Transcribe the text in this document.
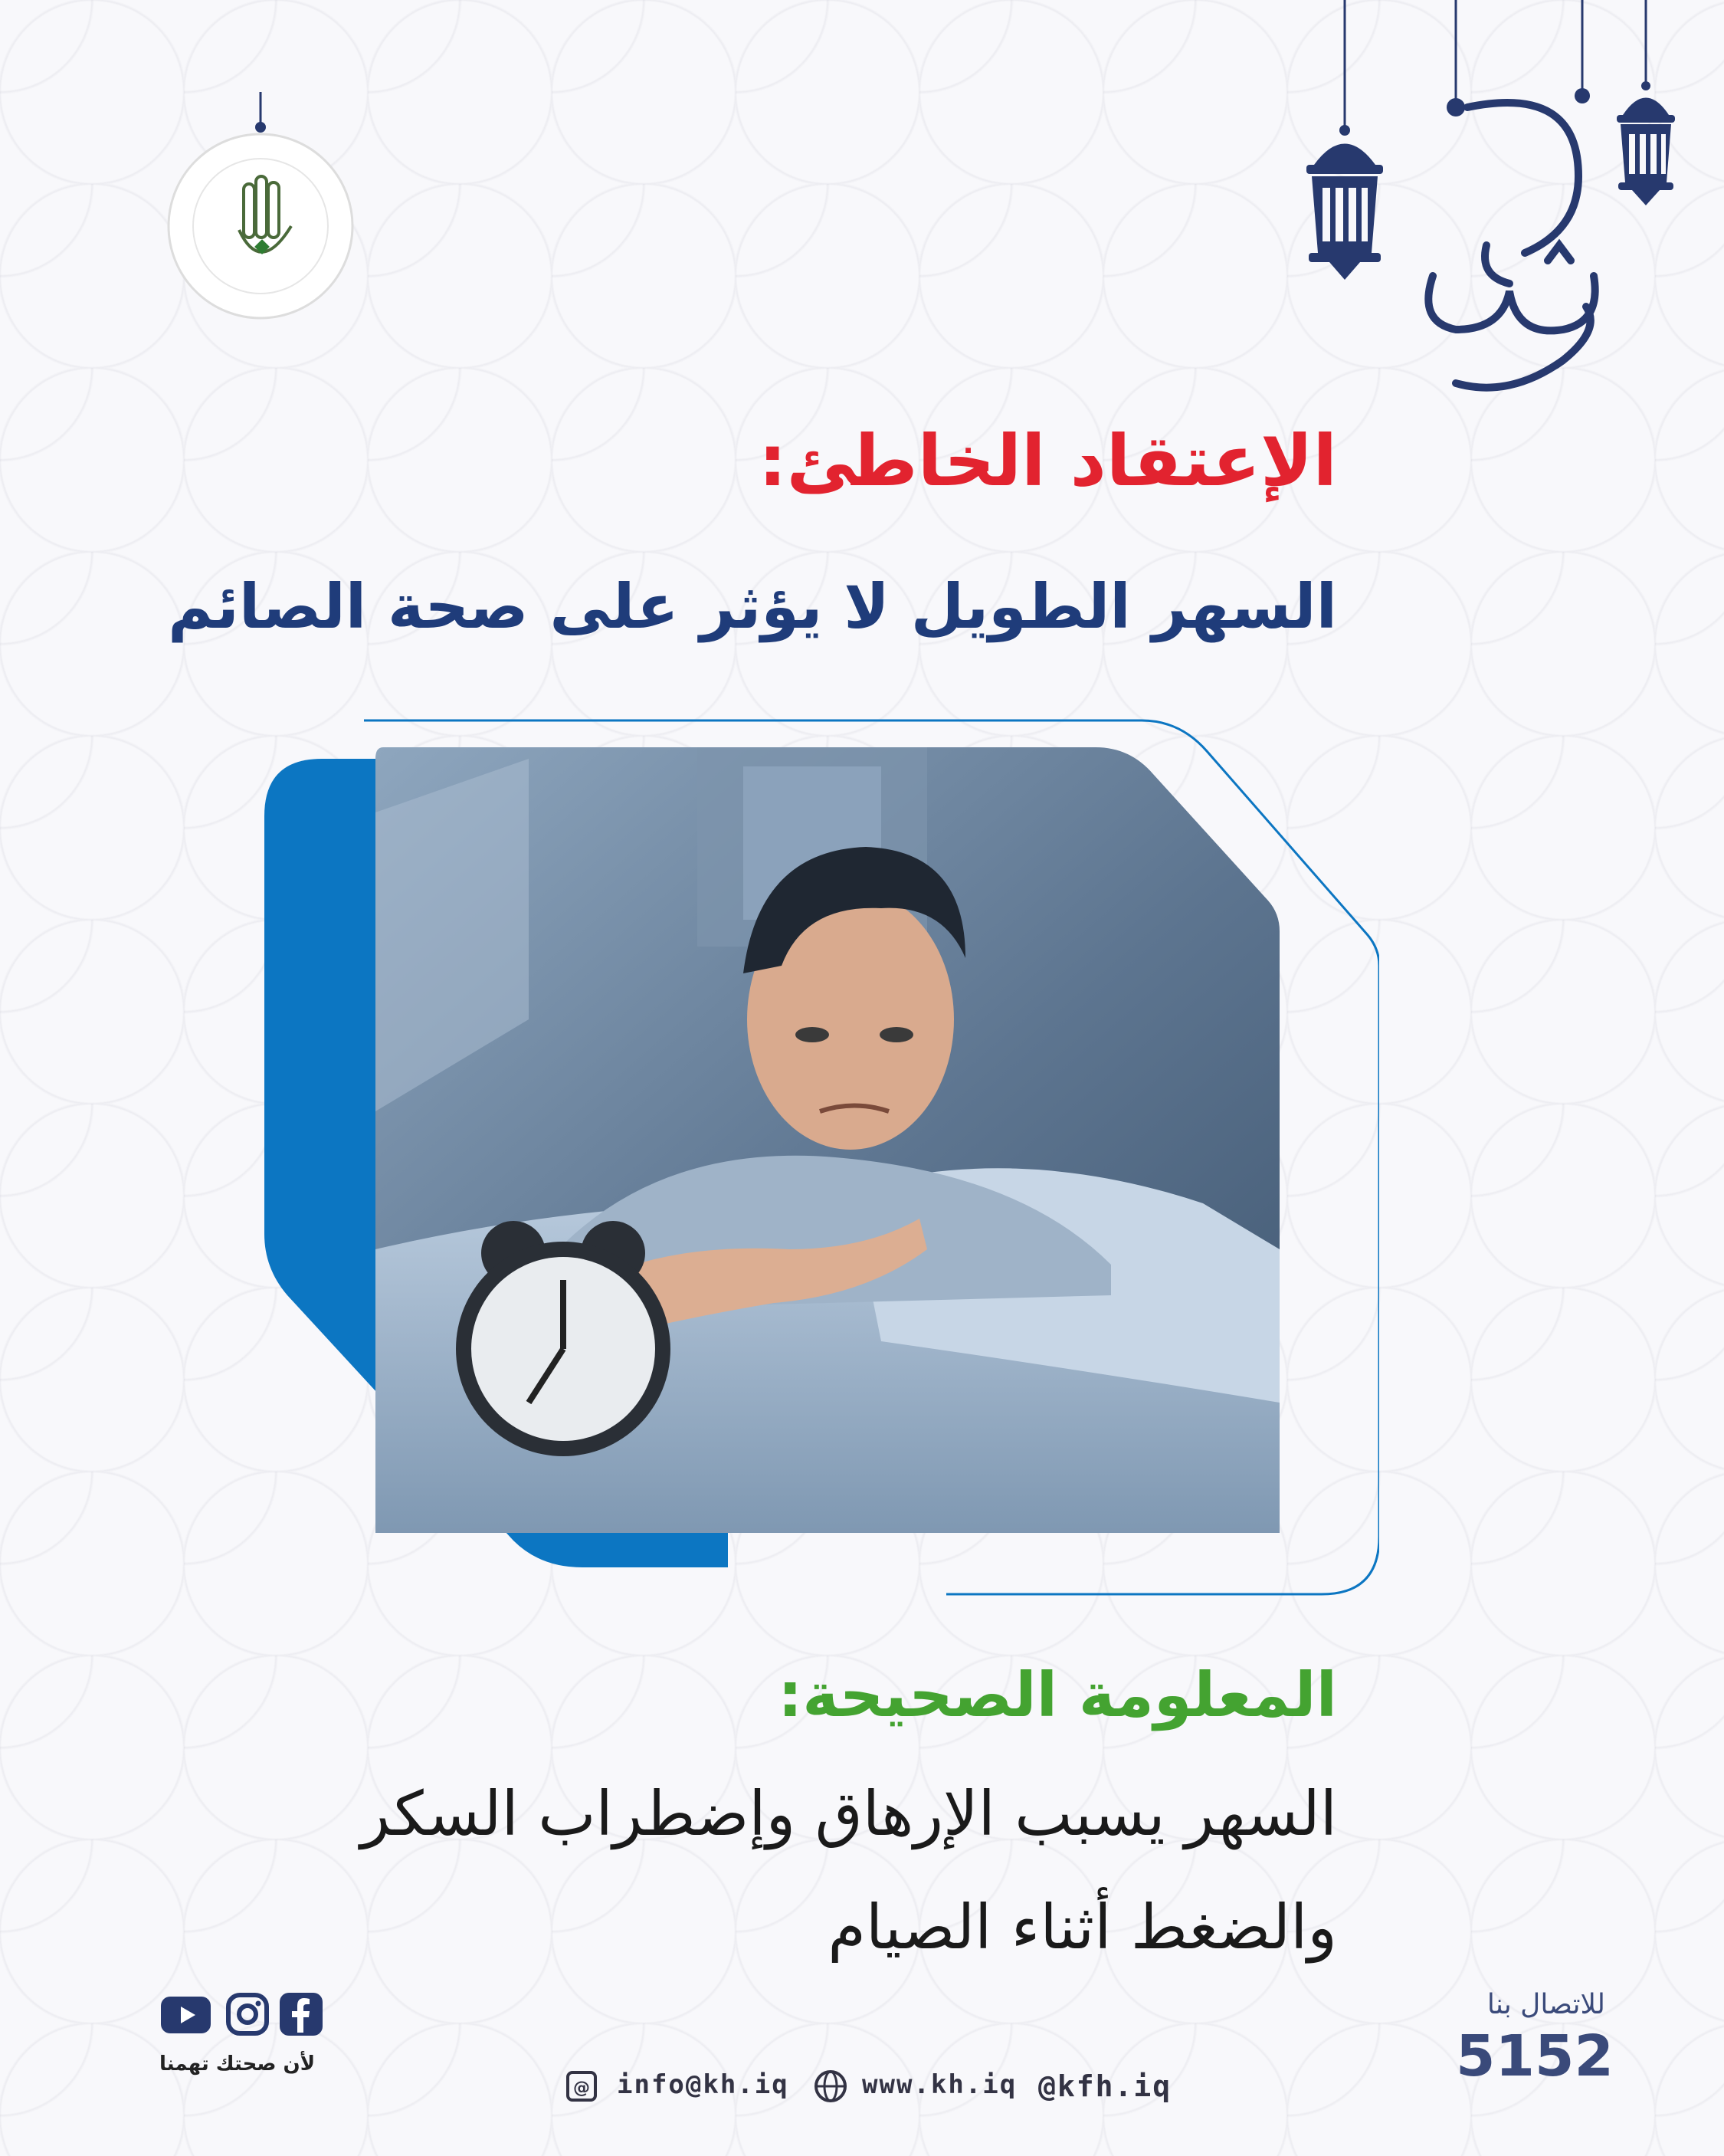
الإعتقاد الخاطئ:
السهر الطويل لا يؤثر على صحة الصائم
المعلومة الصحيحة:
السهر يسبب الإرهاق وإضطراب السكر
والضغط أثناء الصيام
لأن صحتك تهمنا
@ info@kh.iq	www.kh.iq @kfh.iq
للاتصال بنا
5152
